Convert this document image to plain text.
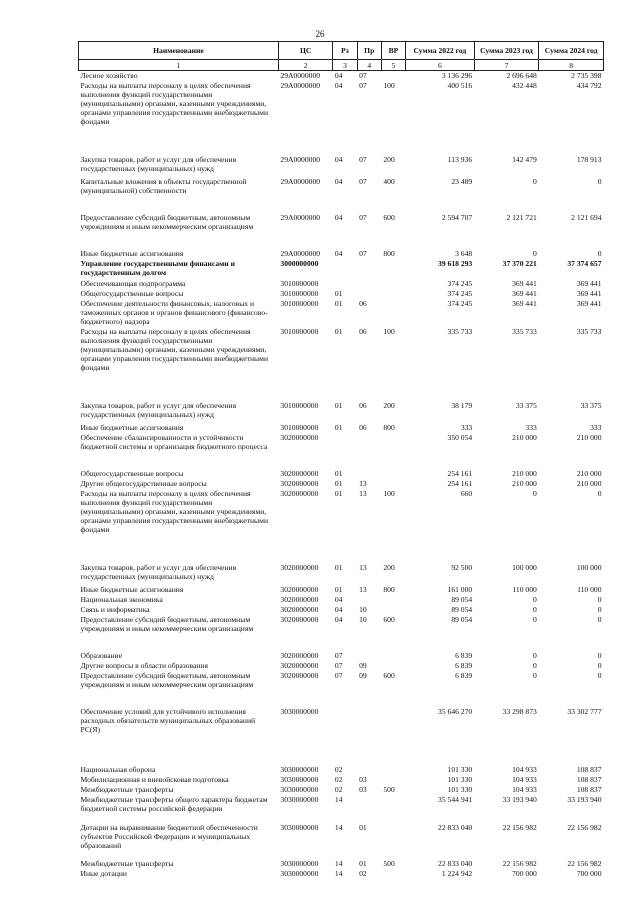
26
Наименование	ЦС	Рз	Пр	ВР	Сумма 2022 год	Сумма 2023 год	Сумма 2024 год
1	2	3	4	5	6	7	8
Лесное хозяйство	29А0000000	04	07		3 136 296	2 696 648	2 735 398
Расходы на выплаты персоналу в целях обеспечения выполнения функций государственными (муниципальными) органами, казенными учреждениями, органами управления государственными внебюджетными фондами	29А0000000	04	07	100	400 516	432 448	434 792
Закупка товаров, работ и услуг для обеспечения государственных (муниципальных) нужд	29А0000000	04	07	200	113 936	142 479	178 913
Капитальные вложения в объекты государственной (муниципальной) собственности	29А0000000	04	07	400	23 489	0	0
Предоставление субсидий бюджетным, автономным учреждениям и иным некоммерческим организациям	29А0000000	04	07	600	2 594 707	2 121 721	2 121 694
Иные бюджетные ассигнования	29А0000000	04	07	800	3 648	0	0
Управление государственными финансами и государственным долгом	3000000000				39 618 293	37 370 221	37 374 657
Обеспечивающая подпрограмма	3010000000				374 245	369 441	369 441
Общегосударственные вопросы	3010000000	01			374 245	369 441	369 441
Обеспечение деятельности финансовых, налоговых и таможенных органов и органов финансового (финансово-бюджетного) надзора	3010000000	01	06		374 245	369 441	369 441
Расходы на выплаты персоналу в целях обеспечения выполнения функций государственными (муниципальными) органами, казенными учреждениями, органами управления государственными внебюджетными фондами	3010000000	01	06	100	335 733	335 733	335 733
Закупка товаров, работ и услуг для обеспечения государственных (муниципальных) нужд	3010000000	01	06	200	38 179	33 375	33 375
Иные бюджетные ассигнования	3010000000	01	06	800	333	333	333
Обеспечение сбалансированности и устойчивости бюджетной системы и организация бюджетного процесса	3020000000				350 054	210 000	210 000
Общегосударственные вопросы	3020000000	01			254 161	210 000	210 000
Другие общегосударственные вопросы	3020000000	01	13		254 161	210 000	210 000
Расходы на выплаты персоналу в целях обеспечения выполнения функций государственными (муниципальными) органами, казенными учреждениями, органами управления государственными внебюджетными фондами	3020000000	01	13	100	660	0	0
Закупка товаров, работ и услуг для обеспечения государственных (муниципальных) нужд	3020000000	01	13	200	92 500	100 000	100 000
Иные бюджетные ассигнования	3020000000	01	13	800	161 000	110 000	110 000
Национальная экономика	3020000000	04			89 054	0	0
Связь и информатика	3020000000	04	10		89 054	0	0
Предоставление субсидий бюджетным, автономным учреждениям и иным некоммерческим организациям	3020000000	04	10	600	89 054	0	0
Образование	3020000000	07			6 839	0	0
Другие вопросы в области образования	3020000000	07	09		6 839	0	0
Предоставление субсидий бюджетным, автономным учреждениям и иным некоммерческим организациям	3020000000	07	09	600	6 839	0	0
Обеспечение условий для устойчивого исполнения расходных обязательств муниципальных образований РС(Я)	3030000000				35 646 270	33 298 873	33 302 777
Национальная оборона	3030000000	02			101 330	104 933	108 837
Мобилизационная и вневойсковая подготовка	3030000000	02	03		101 330	104 933	108 837
Межбюджетные трансферты	3030000000	02	03	500	101 330	104 933	108 837
Межбюджетные трансферты общего характера бюджетам бюджетной системы российской федерации	3030000000	14			35 544 941	33 193 940	33 193 940
Дотации на выравнивание бюджетной обеспеченности субъектов Российской Федерации и муниципальных образований	3030000000	14	01		22 833 040	22 156 982	22 156 982
Межбюджетные трансферты	3030000000	14	01	500	22 833 040	22 156 982	22 156 982
Иные дотации	3030000000	14	02		1 224 942	700 000	700 000
